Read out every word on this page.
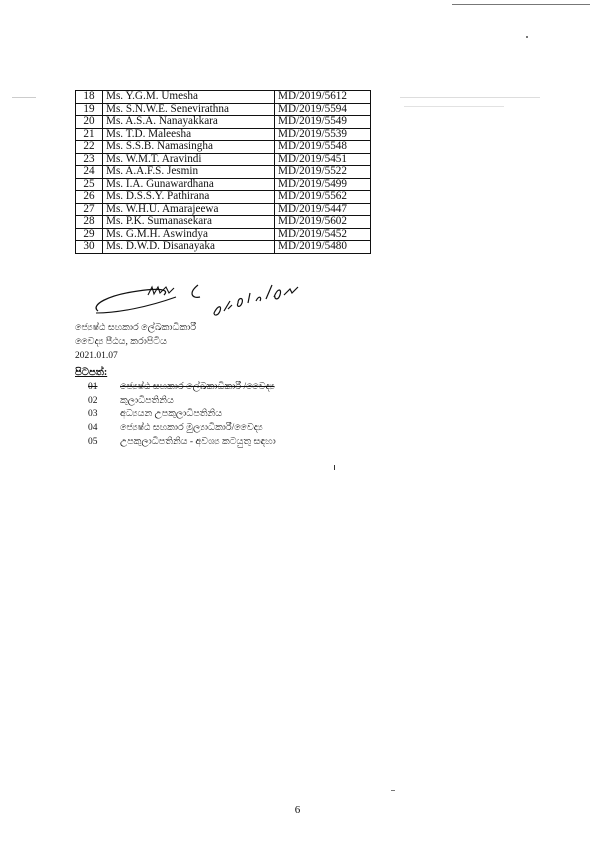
18	Ms. Y.G.M. Umesha	MD/2019/5612
19	Ms. S.N.W.E. Senevirathna	MD/2019/5594
20	Ms. A.S.A. Nanayakkara	MD/2019/5549
21	Ms. T.D. Maleesha	MD/2019/5539
22	Ms. S.S.B. Namasingha	MD/2019/5548
23	Ms. W.M.T. Aravindi	MD/2019/5451
24	Ms. A.A.F.S. Jesmin	MD/2019/5522
25	Ms. I.A. Gunawardhana	MD/2019/5499
26	Ms. D.S.S.Y. Pathirana	MD/2019/5562
27	Ms. W.H.U. Amarajeewa	MD/2019/5447
28	Ms. P.K. Sumanasekara	MD/2019/5602
29	Ms. G.M.H. Aswindya	MD/2019/5452
30	Ms. D.W.D. Disanayaka	MD/2019/5480
ජ්‍යෙෂ්ඨ සහකාර ලේඛකාධිකාරී
වෛද්‍ය පීඨය, කරාපිටිය
2021.01.07
පිටපත්:
01	ජ්‍යෙෂ්ඨ සහකාර ලේඛකාධිකාරී /වෛද්‍ය
02	කුලාධිපතිනිය
03	අධ්‍යයන උපකුලාධිපතිනිය
04	ජ්‍යෙෂ්ඨ සහකාර මුල්‍යාධිකාරී/වෛද්‍ය
05	උපකුලාධිපතිනිය - අවශ්‍ය කටයුතු සඳහා
6
